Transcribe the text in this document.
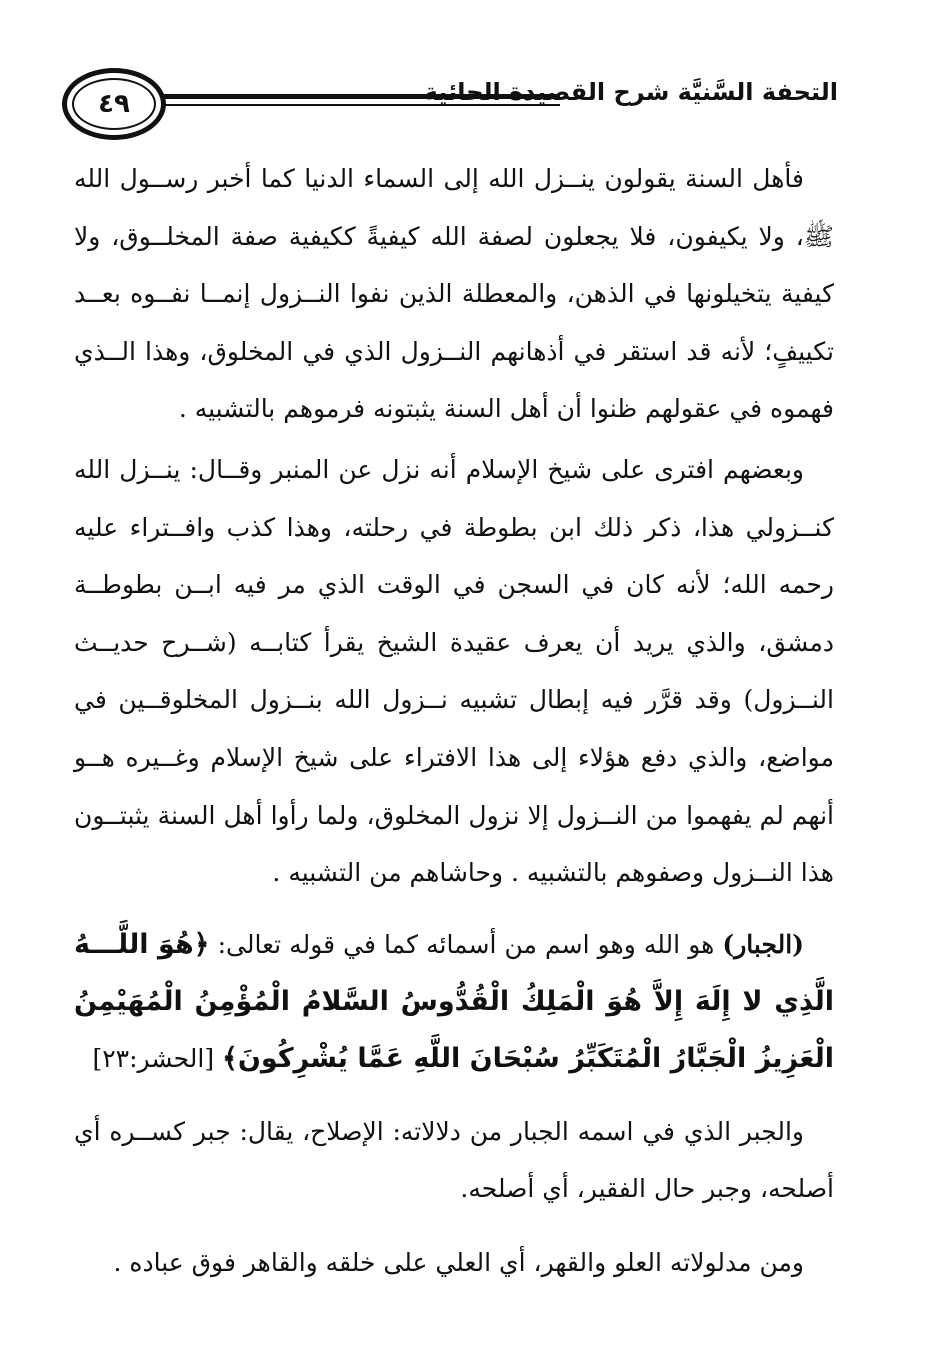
٤٩	التحفة السَّنيَّة شرح القصيدة الحائية

فأهل السنة يقولون ينــزل الله إلى السماء الدنيا كما أخبر رســول الله ﷺ، ولا يكيفون، فلا يجعلون لصفة الله كيفيةً ككيفية صفة المخلــوق، ولا كيفية يتخيلونها في الذهن، والمعطلة الذين نفوا النــزول إنمــا نفــوه بعــد تكييفٍ؛ لأنه قد استقر في أذهانهم النــزول الذي في المخلوق، وهذا الــذي فهموه في عقولهم ظنوا أن أهل السنة يثبتونه فرموهم بالتشبيه .

وبعضهم افترى على شيخ الإسلام أنه نزل عن المنبر وقــال: ينــزل الله كنــزولي هذا، ذكر ذلك ابن بطوطة في رحلته، وهذا كذب وافــتراء عليه رحمه الله؛ لأنه كان في السجن في الوقت الذي مر فيه ابــن بطوطــة دمشق، والذي يريد أن يعرف عقيدة الشيخ يقرأ كتابــه (شــرح حديــث النــزول) وقد قرَّر فيه إبطال تشبيه نــزول الله بنــزول المخلوقــين في مواضع، والذي دفع هؤلاء إلى هذا الافتراء على شيخ الإسلام وغــيره هــو أنهم لم يفهموا من النــزول إلا نزول المخلوق، ولما رأوا أهل السنة يثبتــون هذا النــزول وصفوهم بالتشبيه . وحاشاهم من التشبيه .

(الجبار) هو الله وهو اسم من أسمائه كما في قوله تعالى: ﴿هُوَ اللَّـــهُ الَّذِي لا إِلَهَ إِلاَّ هُوَ الْمَلِكُ الْقُدُّوسُ السَّلامُ الْمُؤْمِنُ الْمُهَيْمِنُ الْعَزِيزُ الْجَبَّارُ الْمُتَكَبِّرُ سُبْحَانَ اللَّهِ عَمَّا يُشْرِكُونَ﴾ [الحشر:٢٣]

والجبر الذي في اسمه الجبار من دلالاته: الإصلاح، يقال: جبر كســره أي أصلحه، وجبر حال الفقير، أي أصلحه.

ومن مدلولاته العلو والقهر، أي العلي على خلقه والقاهر فوق عباده .
